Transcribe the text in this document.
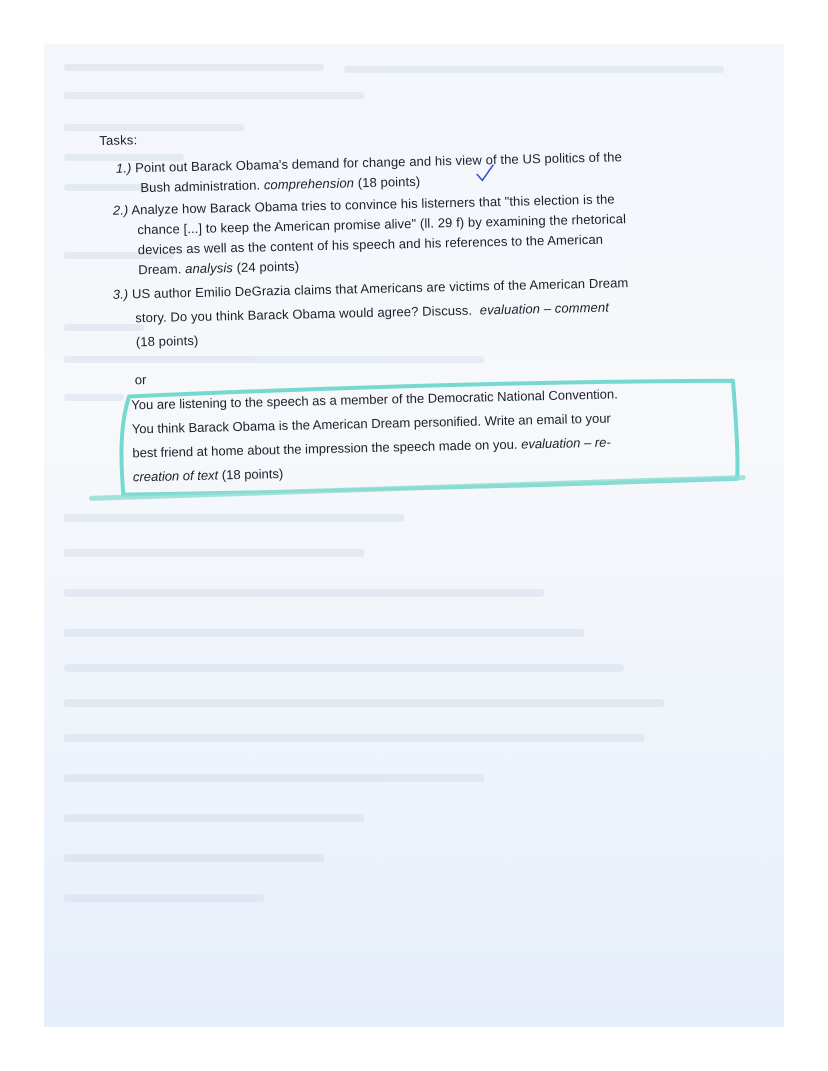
Tasks:
1.) Point out Barack Obama's demand for change and his view of the US politics of the
Bush administration. comprehension (18 points)
2.) Analyze how Barack Obama tries to convince his listerners that "this election is the
chance [...] to keep the American promise alive" (ll. 29 f) by examining the rhetorical
devices as well as the content of his speech and his references to the American
Dream. analysis (24 points)
3.) US author Emilio DeGrazia claims that Americans are victims of the American Dream
story. Do you think Barack Obama would agree? Discuss. evaluation – comment
(18 points)
or
You are listening to the speech as a member of the Democratic National Convention.
You think Barack Obama is the American Dream personified. Write an email to your
best friend at home about the impression the speech made on you. evaluation – re-
creation of text (18 points)
